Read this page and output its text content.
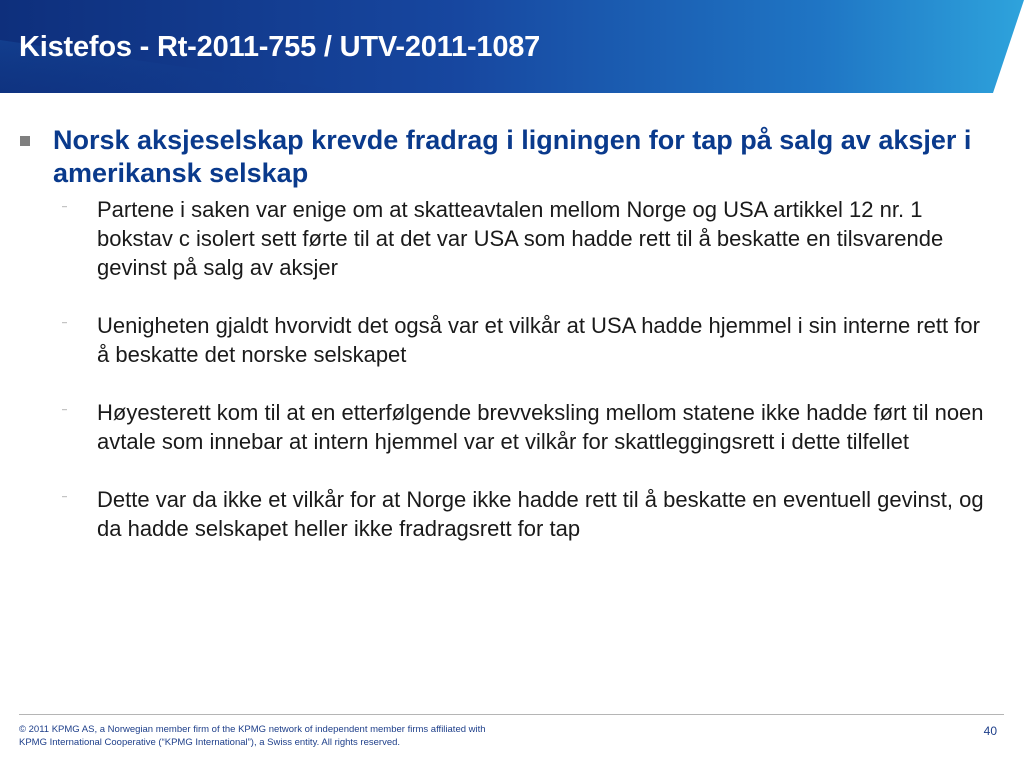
Kistefos - Rt-2011-755 / UTV-2011-1087
Norsk aksjeselskap krevde fradrag i ligningen for tap på salg av aksjer i amerikansk selskap
– Partene i saken var enige om at skatteavtalen mellom Norge og USA artikkel 12 nr. 1 bokstav c isolert sett førte til at det var USA som hadde rett til å beskatte en tilsvarende gevinst på salg av aksjer
– Uenigheten gjaldt hvorvidt det også var et vilkår at USA hadde hjemmel i sin interne rett for å beskatte det norske selskapet
– Høyesterett kom til at en etterfølgende brevveksling mellom statene ikke hadde ført til noen avtale som innebar at intern hjemmel var et vilkår for skattleggingsrett i dette tilfellet
– Dette var da ikke et vilkår for at Norge ikke hadde rett til å beskatte en eventuell gevinst, og da hadde selskapet heller ikke fradragsrett for tap
© 2011 KPMG AS, a Norwegian member firm of the KPMG network of independent member firms affiliated with
KPMG International Cooperative (“KPMG International”), a Swiss entity. All rights reserved.
40
